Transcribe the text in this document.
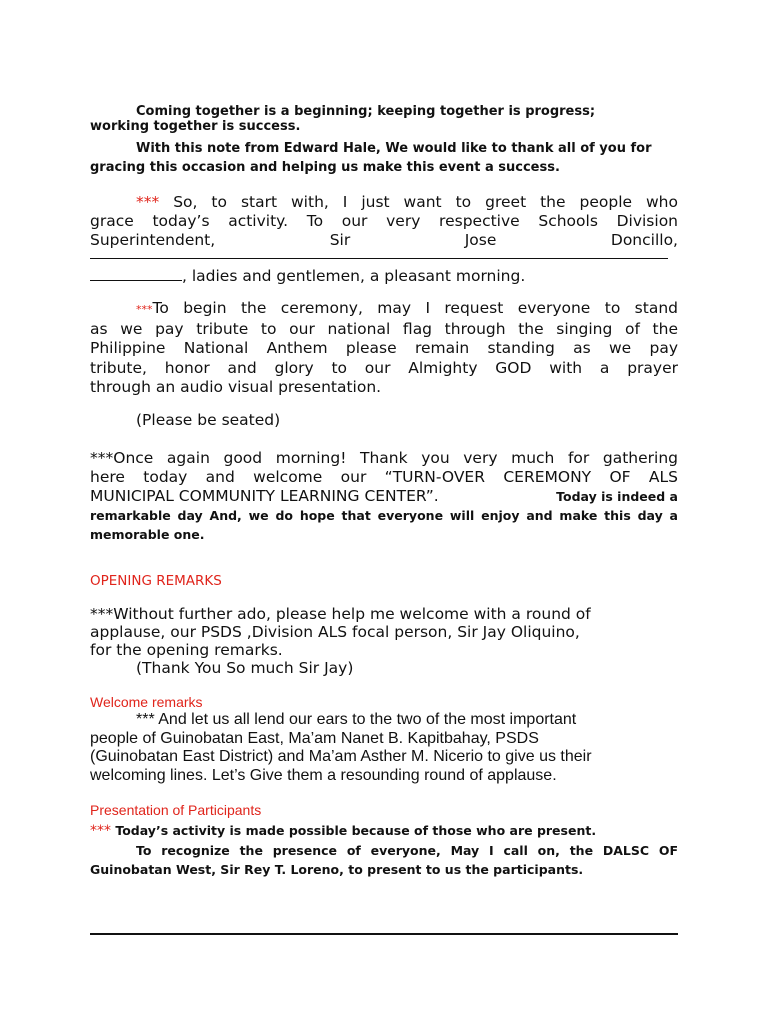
Coming together is a beginning; keeping together is progress;
working together is success.
With this note from Edward Hale, We would like to thank all of you for
gracing this occasion and helping us make this event a success.
*** So, to start with, I just want to greet the people who
grace today’s activity. To our very respective Schools Division
Superintendent,	Sir	Jose	Doncillo,
, ladies and gentlemen, a pleasant morning.
***To begin the ceremony, may I request everyone to stand
as we pay tribute to our national flag through the singing of the
Philippine National Anthem please remain standing as we pay
tribute, honor and glory to our Almighty GOD with a prayer
through an audio visual presentation.
(Please be seated)
***Once again good morning! Thank you very much for gathering
here today and welcome our “TURN-OVER CEREMONY OF ALS
MUNICIPAL COMMUNITY LEARNING CENTER”.	Today is indeed a
remarkable day And, we do hope that everyone will enjoy and make this day a
memorable one.
OPENING REMARKS
***Without further ado, please help me welcome with a round of
applause, our PSDS ,Division ALS focal person, Sir Jay Oliquino,
for the opening remarks.
(Thank You So much Sir Jay)
Welcome remarks
*** And let us all lend our ears to the two of the most important
people of Guinobatan East, Ma’am Nanet B. Kapitbahay, PSDS
(Guinobatan East District) and Ma’am Asther M. Nicerio to give us their
welcoming lines. Let’s Give them a resounding round of applause.
Presentation of Participants
*** Today’s activity is made possible because of those who are present.
To recognize the presence of everyone, May I call on, the DALSC OF
Guinobatan West, Sir Rey T. Loreno, to present to us the participants.
